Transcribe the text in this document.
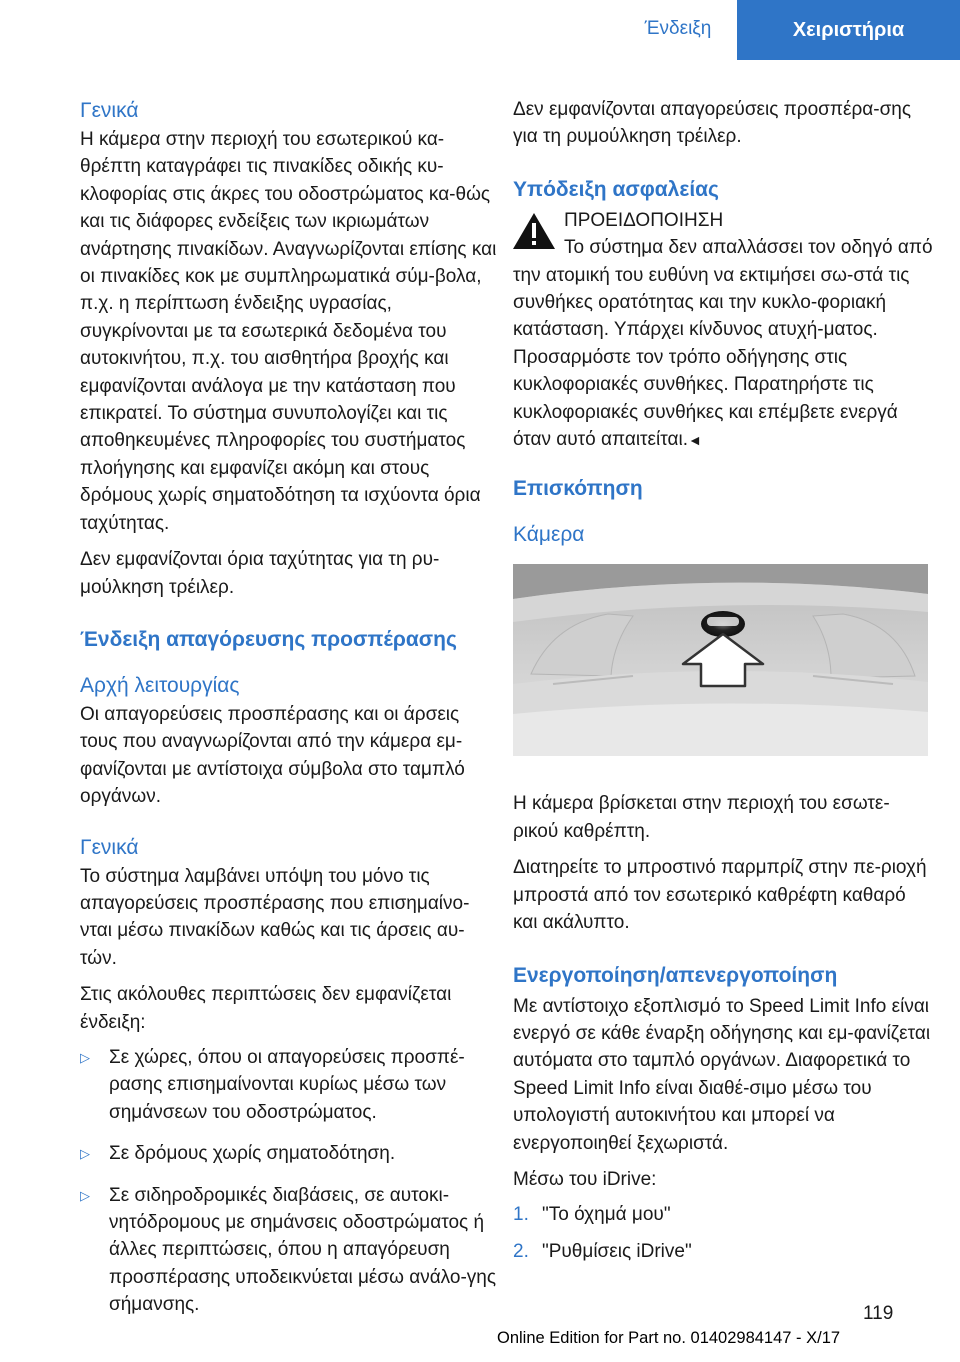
Ένδειξη	Χειριστήρια
Γενικά

Η κάμερα στην περιοχή του εσωτερικού κα-θρέπτη καταγράφει τις πινακίδες οδικής κυ-κλοφορίας στις άκρες του οδοστρώματος κα-θώς και τις διάφορες ενδείξεις των ικριωμάτων ανάρτησης πινακίδων. Αναγνωρίζονται επίσης και οι πινακίδες κοκ με συμπληρωματικά σύμ-βολα, π.χ. η περίπτωση ένδειξης υγρασίας, συγκρίνονται με τα εσωτερικά δεδομένα του αυτοκινήτου, π.χ. του αισθητήρα βροχής και εμφανίζονται ανάλογα με την κατάσταση που επικρατεί. Το σύστημα συνυπολογίζει και τις αποθηκευμένες πληροφορίες του συστήματος πλοήγησης και εμφανίζει ακόμη και στους δρόμους χωρίς σηματοδότηση τα ισχύοντα όρια ταχύτητας.

Δεν εμφανίζονται όρια ταχύτητας για τη ρυ-μούλκηση τρέιλερ.

Ένδειξη απαγόρευσης προσπέρασης
Αρχή λειτουργίας

Οι απαγορεύσεις προσπέρασης και οι άρσεις τους που αναγνωρίζονται από την κάμερα εμ-φανίζονται με αντίστοιχα σύμβολα στο ταμπλό οργάνων.

Γενικά

Το σύστημα λαμβάνει υπόψη του μόνο τις απαγορεύσεις προσπέρασης που επισημαίνο-νται μέσω πινακίδων καθώς και τις άρσεις αυ-τών.

Στις ακόλουθες περιπτώσεις δεν εμφανίζεται ένδειξη:

▷ Σε χώρες, όπου οι απαγορεύσεις προσπέ-ρασης επισημαίνονται κυρίως μέσω των σημάνσεων του οδοστρώματος.
▷ Σε δρόμους χωρίς σηματοδότηση.
▷ Σε σιδηροδρομικές διαβάσεις, σε αυτοκι-νητόδρομους με σημάνσεις οδοστρώματος ή άλλες περιπτώσεις, όπου η απαγόρευση προσπέρασης υποδεικνύεται μέσω ανάλο-γης σήμανσης.

Δεν εμφανίζονται απαγορεύσεις προσπέρα-σης για τη ρυμούλκηση τρέιλερ.

Υπόδειξη ασφαλείας
ΠΡΟΕΙΔΟΠΟΙΗΣΗ

Το σύστημα δεν απαλλάσσει τον οδηγό από την ατομική του ευθύνη να εκτιμήσει σω-στά τις συνθήκες ορατότητας και την κυκλο-φοριακή κατάσταση. Υπάρχει κίνδυνος ατυχή-ματος. Προσαρμόστε τον τρόπο οδήγησης στις κυκλοφοριακές συνθήκες. Παρατηρήστε τις κυκλοφοριακές συνθήκες και επέμβετε ενεργά όταν αυτό απαιτείται.◄

Επισκόπηση
Κάμερα

Η κάμερα βρίσκεται στην περιοχή του εσωτε-ρικού καθρέπτη.

Διατηρείτε το μπροστινό παρμπρίζ στην πε-ριοχή μπροστά από τον εσωτερικό καθρέφτη καθαρό και ακάλυπτο.

Ενεργοποίηση/απενεργοποίηση

Με αντίστοιχο εξοπλισμό το Speed Limit Info είναι ενεργό σε κάθε έναρξη οδήγησης και εμ-φανίζεται αυτόματα στο ταμπλό οργάνων. Διαφορετικά το Speed Limit Info είναι διαθέ-σιμο μέσω του υπολογιστή αυτοκινήτου και μπορεί να ενεργοποιηθεί ξεχωριστά.

Μέσω του iDrive:

1. "Το όχημά μου"
2. "Ρυθμίσεις iDrive"
119
Online Edition for Part no. 01402984147 - X/17
